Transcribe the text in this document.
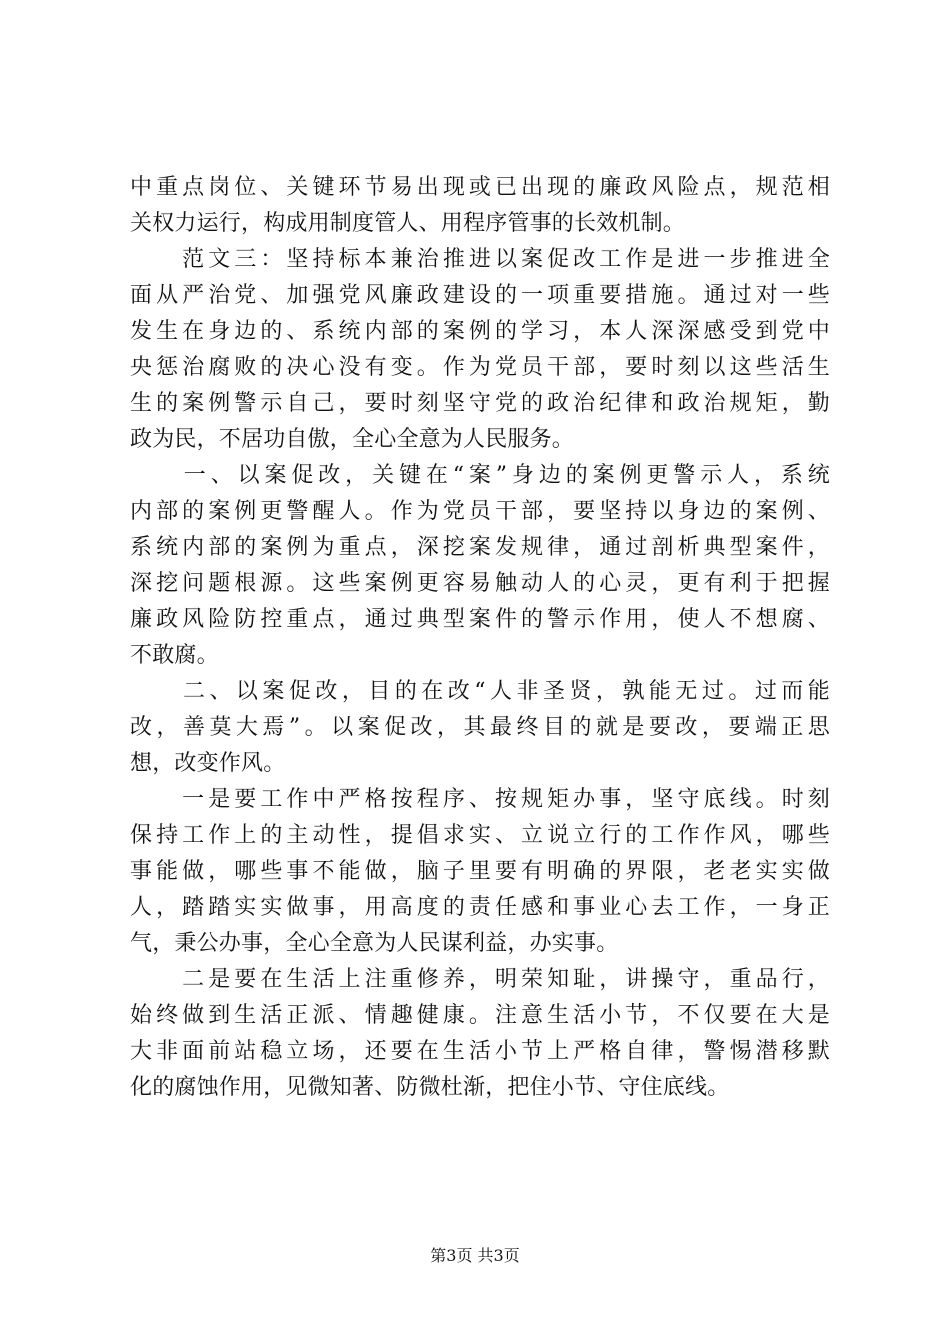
中重点岗位、关键环节易出现或已出现的廉政风险点，规范相
关权力运行，构成用制度管人、用程序管事的长效机制。
　　范文三：坚持标本兼治推进以案促改工作是进一步推进全
面从严治党、加强党风廉政建设的一项重要措施。通过对一些
发生在身边的、系统内部的案例的学习，本人深深感受到党中
央惩治腐败的决心没有变。作为党员干部，要时刻以这些活生
生的案例警示自己，要时刻坚守党的政治纪律和政治规矩，勤
政为民，不居功自傲，全心全意为人民服务。
　　一、以案促改，关键在“案”身边的案例更警示人，系统
内部的案例更警醒人。作为党员干部，要坚持以身边的案例、
系统内部的案例为重点，深挖案发规律，通过剖析典型案件，
深挖问题根源。这些案例更容易触动人的心灵，更有利于把握
廉政风险防控重点，通过典型案件的警示作用，使人不想腐、
不敢腐。
　　二、以案促改，目的在改“人非圣贤，孰能无过。过而能
改，善莫大焉”。以案促改，其最终目的就是要改，要端正思
想，改变作风。
　　一是要工作中严格按程序、按规矩办事，坚守底线。时刻
保持工作上的主动性，提倡求实、立说立行的工作作风，哪些
事能做，哪些事不能做，脑子里要有明确的界限，老老实实做
人，踏踏实实做事，用高度的责任感和事业心去工作，一身正
气，秉公办事，全心全意为人民谋利益，办实事。
　　二是要在生活上注重修养，明荣知耻，讲操守，重品行，
始终做到生活正派、情趣健康。注意生活小节，不仅要在大是
大非面前站稳立场，还要在生活小节上严格自律，警惕潜移默
化的腐蚀作用，见微知著、防微杜渐，把住小节、守住底线。
第3页 共3页
